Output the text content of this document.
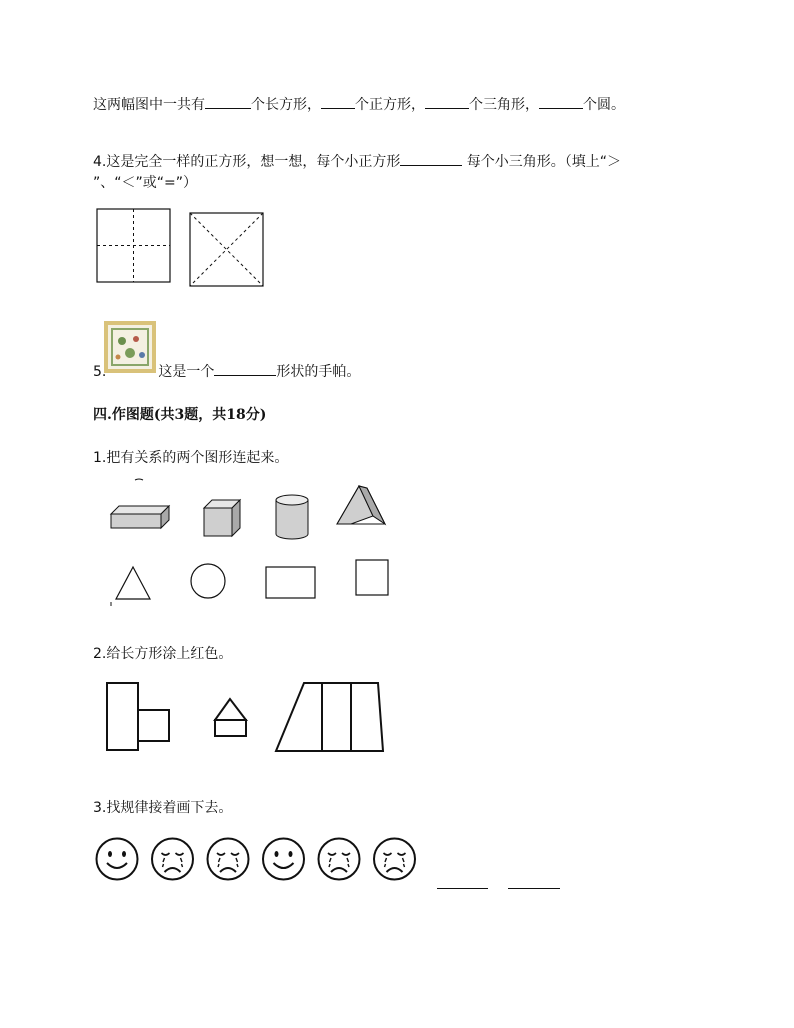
这两幅图中一共有	个长方形， 个正方形，	个三角形，	个圆。
4.这是完全一样的正方形，想一想，每个小正方形	每个小三角形。（填上“＞
”、“＜”或“=”）
5.	这是一个	形状的手帕。
四.作图题(共3题，共18分)
1.把有关系的两个图形连起来。
2.给长方形涂上红色。
3.找规律接着画下去。
